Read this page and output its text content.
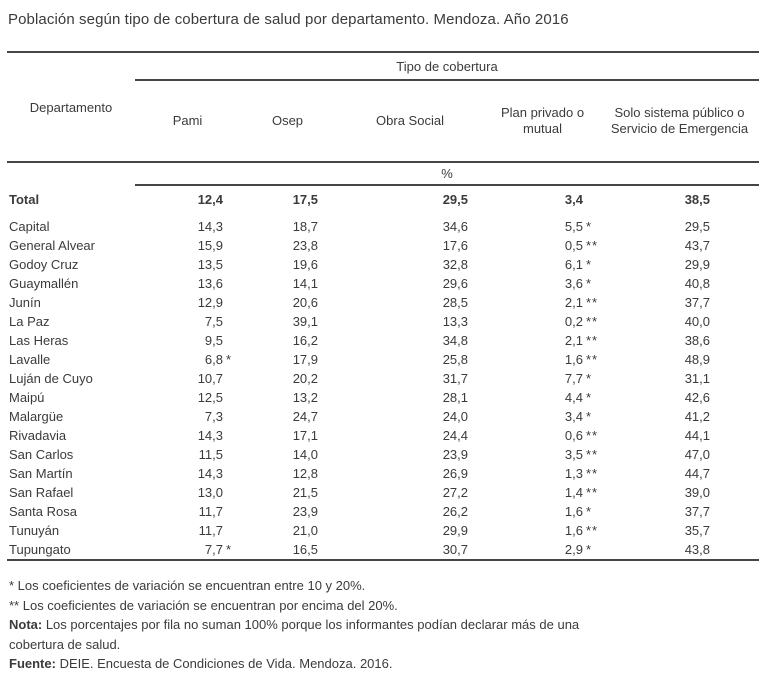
Población según tipo de cobertura de salud por departamento. Mendoza. Año 2016
Departamento	Tipo de cobertura				
	Pami	Osep	Obra Social	Plan privado o mutual	Solo sistema público o Servicio de Emergencia
	%				
Total	12,4	17,5	29,5	3,4	38,5
Capital	14,3	18,7	34,6	5,5 *	29,5
General Alvear	15,9	23,8	17,6	0,5 **	43,7
Godoy Cruz	13,5	19,6	32,8	6,1 *	29,9
Guaymallén	13,6	14,1	29,6	3,6 *	40,8
Junín	12,9	20,6	28,5	2,1 **	37,7
La Paz	7,5	39,1	13,3	0,2 **	40,0
Las Heras	9,5	16,2	34,8	2,1 **	38,6
Lavalle	6,8 *	17,9	25,8	1,6 **	48,9
Luján de Cuyo	10,7	20,2	31,7	7,7 *	31,1
Maipú	12,5	13,2	28,1	4,4 *	42,6
Malargüe	7,3	24,7	24,0	3,4 *	41,2
Rivadavia	14,3	17,1	24,4	0,6 **	44,1
San Carlos	11,5	14,0	23,9	3,5 **	47,0
San Martín	14,3	12,8	26,9	1,3 **	44,7
San Rafael	13,0	21,5	27,2	1,4 **	39,0
Santa Rosa	11,7	23,9	26,2	1,6 *	37,7
Tunuyán	11,7	21,0	29,9	1,6 **	35,7
Tupungato	7,7 *	16,5	30,7	2,9 *	43,8

* Los coeficientes de variación se encuentran entre 10 y 20%.

** Los coeficientes de variación se encuentran por encima del 20%.

Nota: Los porcentajes por fila no suman 100% porque los informantes podían declarar más de una cobertura de salud.

Fuente: DEIE. Encuesta de Condiciones de Vida. Mendoza. 2016.
